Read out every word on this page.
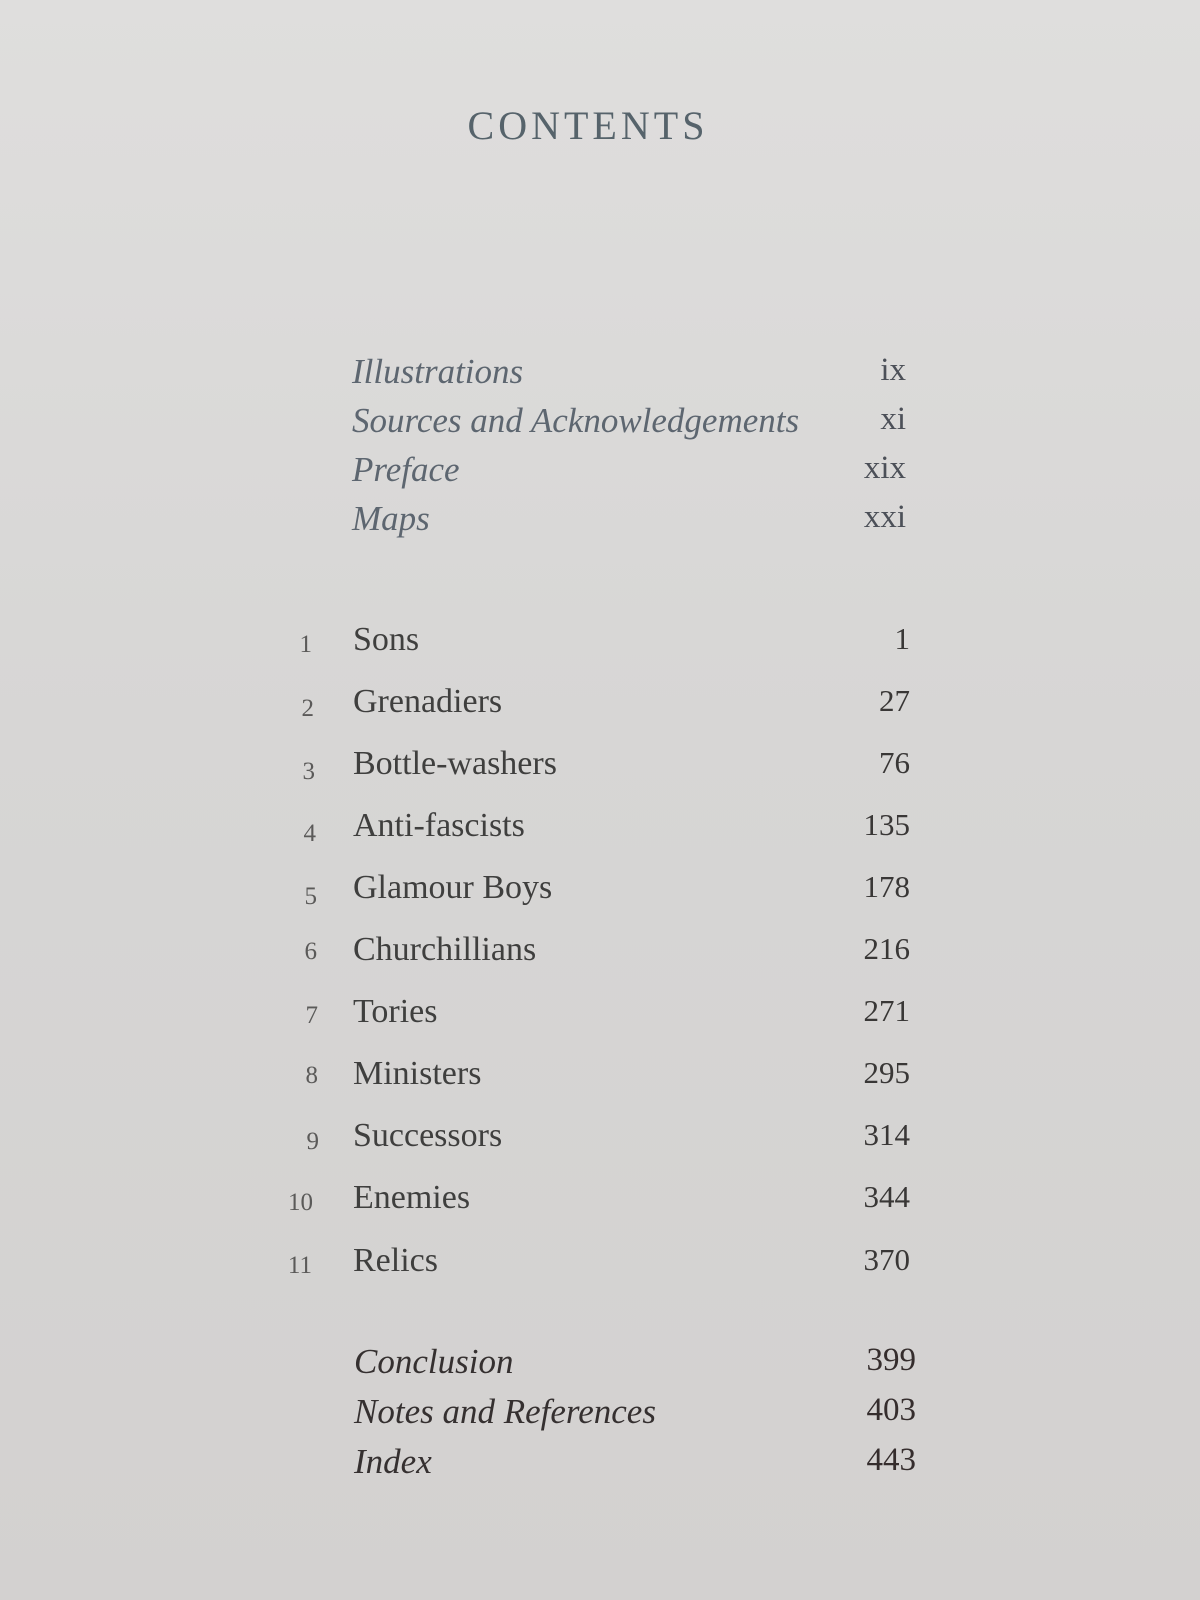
CONTENTS
Illustrations	ix
Sources and Acknowledgements	xi
Preface	xix
Maps	xxi
1 Sons	1
2 Grenadiers	27
3 Bottle-washers	76
4 Anti-fascists	135
5 Glamour Boys	178
6 Churchillians	216
7 Tories	271
8 Ministers	295
9 Successors	314
10 Enemies	344
11 Relics	370
Conclusion	399
Notes and References	403
Index	443
